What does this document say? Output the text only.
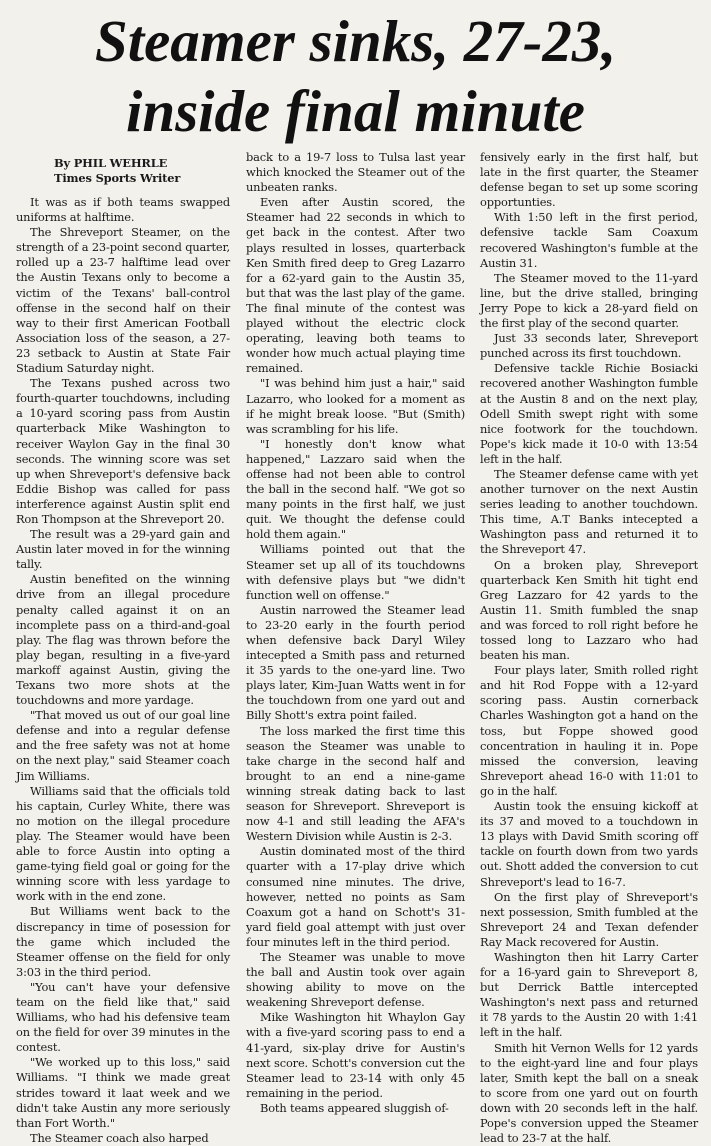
Steamer sinks, 27-23,
inside final minute
By PHIL WEHRLE
Times Sports Writer

It was as if both teams swapped uniforms at halftime.

The Shreveport Steamer, on the strength of a 23-point second quarter, rolled up a 23-7 halftime lead over the Austin Texans only to become a victim of the Texans' ball-control offense in the second half on their way to their first American Football Association loss of the season, a 27-23 setback to Austin at State Fair Stadium Saturday night.

The Texans pushed across two fourth-quarter touchdowns, including a 10-yard scoring pass from Austin quarterback Mike Washington to receiver Waylon Gay in the final 30 seconds. The winning score was set up when Shreveport's defensive back Eddie Bishop was called for pass interference against Austin split end Ron Thompson at the Shreveport 20.

The result was a 29-yard gain and Austin later moved in for the winning tally.

Austin benefited on the winning drive from an illegal procedure penalty called against it on an incomplete pass on a third-and-goal play. The flag was thrown before the play began, resulting in a five-yard markoff against Austin, giving the Texans two more shots at the touchdowns and more yardage.

"That moved us out of our goal line defense and into a regular defense and the free safety was not at home on the next play," said Steamer coach Jim Williams.

Williams said that the officials told his captain, Curley White, there was no motion on the illegal procedure play. The Steamer would have been able to force Austin into opting a game-tying field goal or going for the winning score with less yardage to work with in the end zone.

But Williams went back to the discrepancy in time of posession for the game which included the Steamer offense on the field for only 3:03 in the third period.

"You can't have your defensive team on the field like that," said Williams, who had his defensive team on the field for over 39 minutes in the contest.

"We worked up to this loss," said Williams. "I think we made great strides toward it laat week and we didn't take Austin any more seriously than Fort Worth."

The Steamer coach also harped

back to a 19-7 loss to Tulsa last year which knocked the Steamer out of the unbeaten ranks.

Even after Austin scored, the Steamer had 22 seconds in which to get back in the contest. After two plays resulted in losses, quarterback Ken Smith fired deep to Greg Lazarro for a 62-yard gain to the Austin 35, but that was the last play of the game. The final minute of the contest was played without the electric clock operating, leaving both teams to wonder how much actual playing time remained.

"I was behind him just a hair," said Lazarro, who looked for a moment as if he might break loose. "But (Smith) was scrambling for his life.

"I honestly don't know what happened," Lazzaro said when the offense had not been able to control the ball in the second half. "We got so many points in the first half, we just quit. We thought the defense could hold them again."

Williams pointed out that the Steamer set up all of its touchdowns with defensive plays but "we didn't function well on offense."

Austin narrowed the Steamer lead to 23-20 early in the fourth period when defensive back Daryl Wiley intecepted a Smith pass and returned it 35 yards to the one-yard line. Two plays later, Kim-Juan Watts went in for the touchdown from one yard out and Billy Shott's extra point failed.

The loss marked the first time this season the Steamer was unable to take charge in the second half and brought to an end a nine-game winning streak dating back to last season for Shreveport. Shreveport is now 4-1 and still leading the AFA's Western Division while Austin is 2-3.

Austin dominated most of the third quarter with a 17-play drive which consumed nine minutes. The drive, however, netted no points as Sam Coaxum got a hand on Schott's 31-yard field goal attempt with just over four minutes left in the third period.

The Steamer was unable to move the ball and Austin took over again showing ability to move on the weakening Shreveport defense.

Mike Washington hit Whaylon Gay with a five-yard scoring pass to end a 41-yard, six-play drive for Austin's next score. Schott's conversion cut the Steamer lead to 23-14 with only 45 remaining in the period.

Both teams appeared sluggish of-

fensively early in the first half, but late in the first quarter, the Steamer defense began to set up some scoring opportunties.

With 1:50 left in the first period, defensive tackle Sam Coaxum recovered Washington's fumble at the Austin 31.

The Steamer moved to the 11-yard line, but the drive stalled, bringing Jerry Pope to kick a 28-yard field on the first play of the second quarter.

Just 33 seconds later, Shreveport punched across its first touchdown.

Defensive tackle Richie Bosiacki recovered another Washington fumble at the Austin 8 and on the next play, Odell Smith swept right with some nice footwork for the touchdown. Pope's kick made it 10-0 with 13:54 left in the half.

The Steamer defense came with yet another turnover on the next Austin series leading to another touchdown. This time, A.T Banks intecepted a Washington pass and returned it to the Shreveport 47.

On a broken play, Shreveport quarterback Ken Smith hit tight end Greg Lazzaro for 42 yards to the Austin 11. Smith fumbled the snap and was forced to roll right before he tossed long to Lazzaro who had beaten his man.

Four plays later, Smith rolled right and hit Rod Foppe with a 12-yard scoring pass. Austin cornerback Charles Washington got a hand on the toss, but Foppe showed good concentration in hauling it in. Pope missed the conversion, leaving Shreveport ahead 16-0 with 11:01 to go in the half.

Austin took the ensuing kickoff at its 37 and moved to a touchdown in 13 plays with David Smith scoring off tackle on fourth down from two yards out. Shott added the conversion to cut Shreveport's lead to 16-7.

On the first play of Shreveport's next possession, Smith fumbled at the Shreveport 24 and Texan defender Ray Mack recovered for Austin.

Washington then hit Larry Carter for a 16-yard gain to Shreveport 8, but Derrick Battle intercepted Washington's next pass and returned it 78 yards to the Austin 20 with 1:41 left in the half.

Smith hit Vernon Wells for 12 yards to the eight-yard line and four plays later, Smith kept the ball on a sneak to score from one yard out on fourth down with 20 seconds left in the half. Pope's conversion upped the Steamer lead to 23-7 at the half.
